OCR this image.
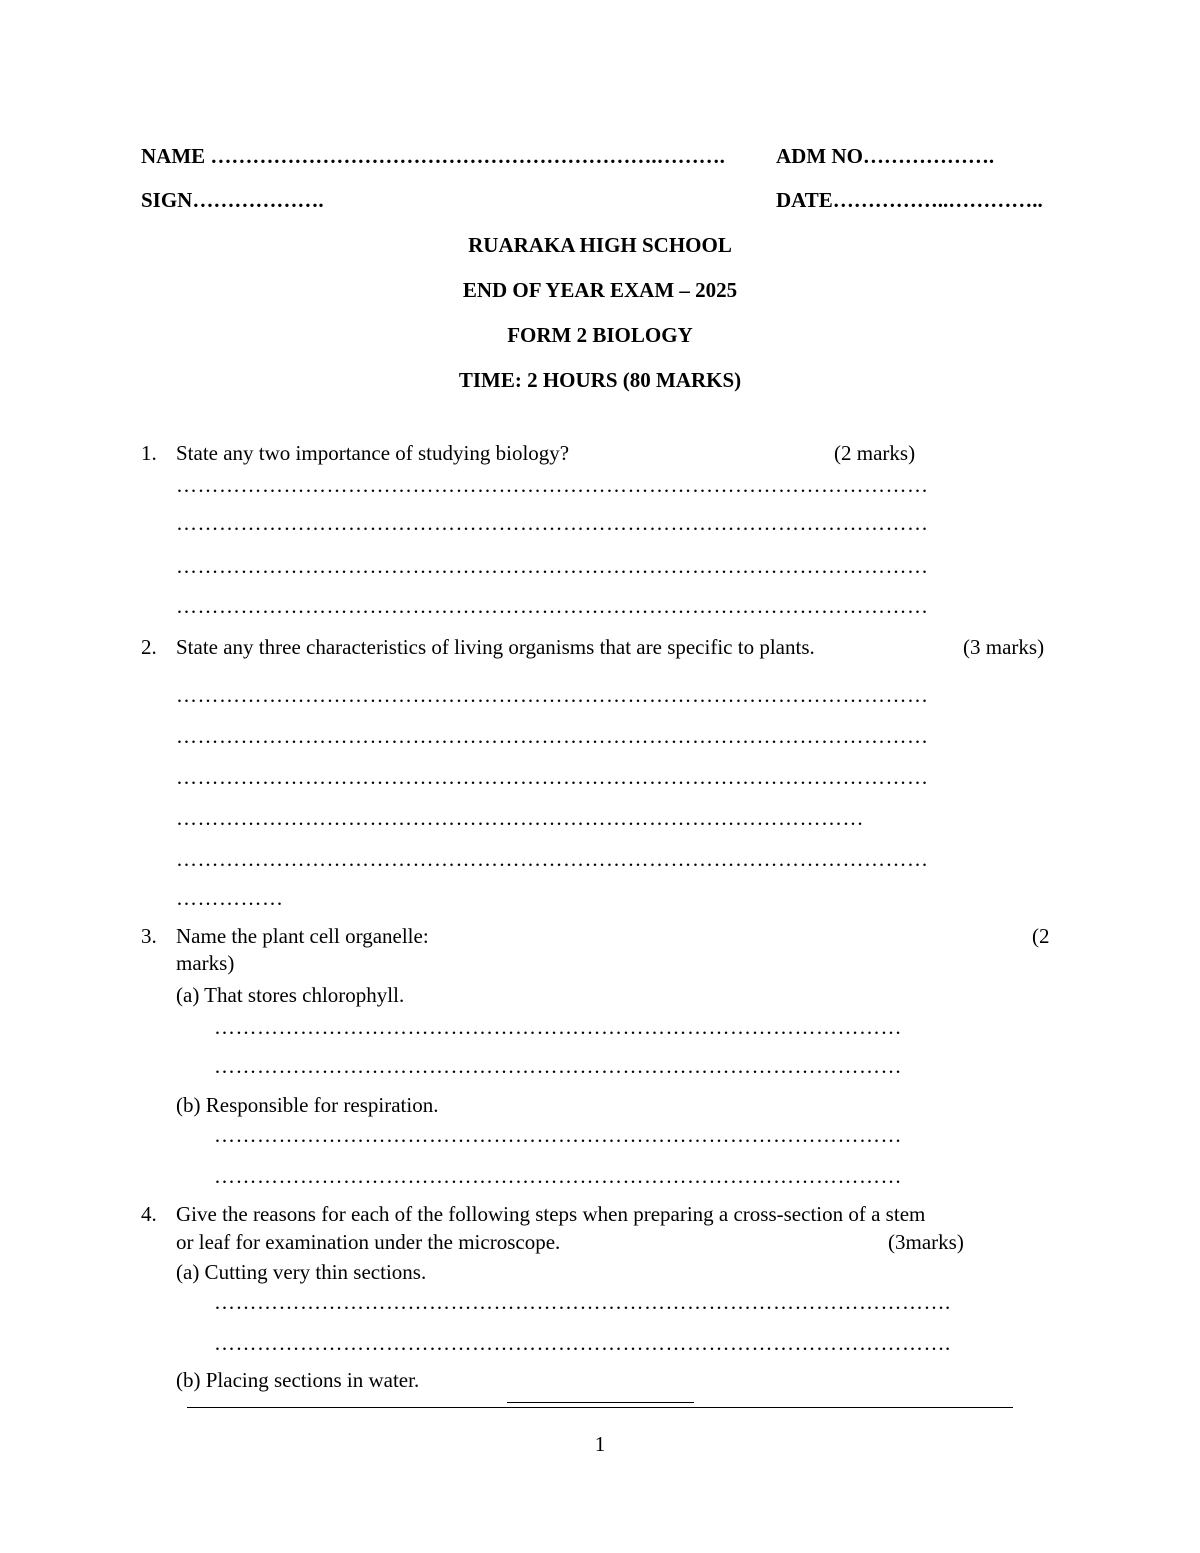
NAME ……………………………………………………….………. ADM NO……………….
SIGN……………….	DATE……………..…………..
RUARAKA HIGH SCHOOL
END OF YEAR EXAM – 2025
FORM 2 BIOLOGY
TIME: 2 HOURS (80 MARKS)
1. State any two importance of studying biology?	(2 marks)
……………………………………………………………………………………………
……………………………………………………………………………………………
……………………………………………………………………………………………
……………………………………………………………………………………………
2. State any three characteristics of living organisms that are specific to plants.	(3 marks)
……………………………………………………………………………………………
……………………………………………………………………………………………
……………………………………………………………………………………………
……………………………………………………………………………………
……………………………………………………………………………………………
……………
3. Name the plant cell organelle:	(2
marks)
(a) That stores chlorophyll.
……………………………………………………………………………………
……………………………………………………………………………………
(b) Responsible for respiration.
……………………………………………………………………………………
……………………………………………………………………………………
4. Give the reasons for each of the following steps when preparing a cross-section of a stem
or leaf for examination under the microscope.	(3marks)
(a) Cutting very thin sections.
………………………………………………………………………………………….
………………………………………………………………………………………….
(b) Placing sections in water.
1
